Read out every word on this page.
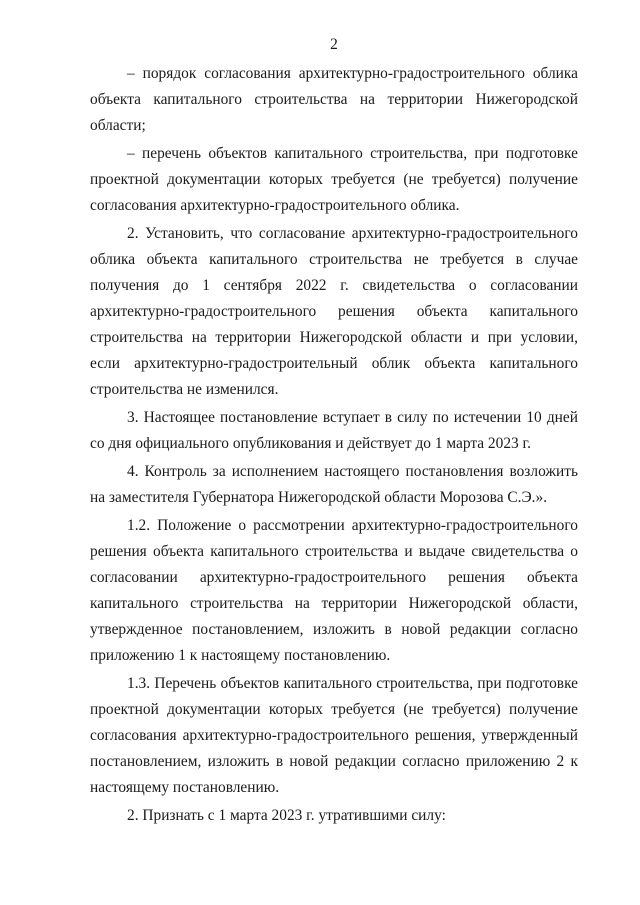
2

– порядок согласования архитектурно-градостроительного облика объекта капитального строительства на территории Нижегородской области;

– перечень объектов капитального строительства, при подготовке проектной документации которых требуется (не требуется) получение согласования архитектурно-градостроительного облика.

2. Установить, что согласование архитектурно-градостроительного облика объекта капитального строительства не требуется в случае получения до 1 сентября 2022 г. свидетельства о согласовании архитектурно-градостроительного решения объекта капитального строительства на территории Нижегородской области и при условии, если архитектурно-градостроительный облик объекта капитального строительства не изменился.

3. Настоящее постановление вступает в силу по истечении 10 дней со дня официального опубликования и действует до 1 марта 2023 г.

4. Контроль за исполнением настоящего постановления возложить на заместителя Губернатора Нижегородской области Морозова С.Э.».

1.2. Положение о рассмотрении архитектурно-градостроительного решения объекта капитального строительства и выдаче свидетельства о согласовании архитектурно-градостроительного решения объекта капитального строительства на территории Нижегородской области, утвержденное постановлением, изложить в новой редакции согласно приложению 1 к настоящему постановлению.

1.3. Перечень объектов капитального строительства, при подготовке проектной документации которых требуется (не требуется) получение согласования архитектурно-градостроительного решения, утвержденный постановлением, изложить в новой редакции согласно приложению 2 к настоящему постановлению.

2. Признать с 1 марта 2023 г. утратившими силу:
